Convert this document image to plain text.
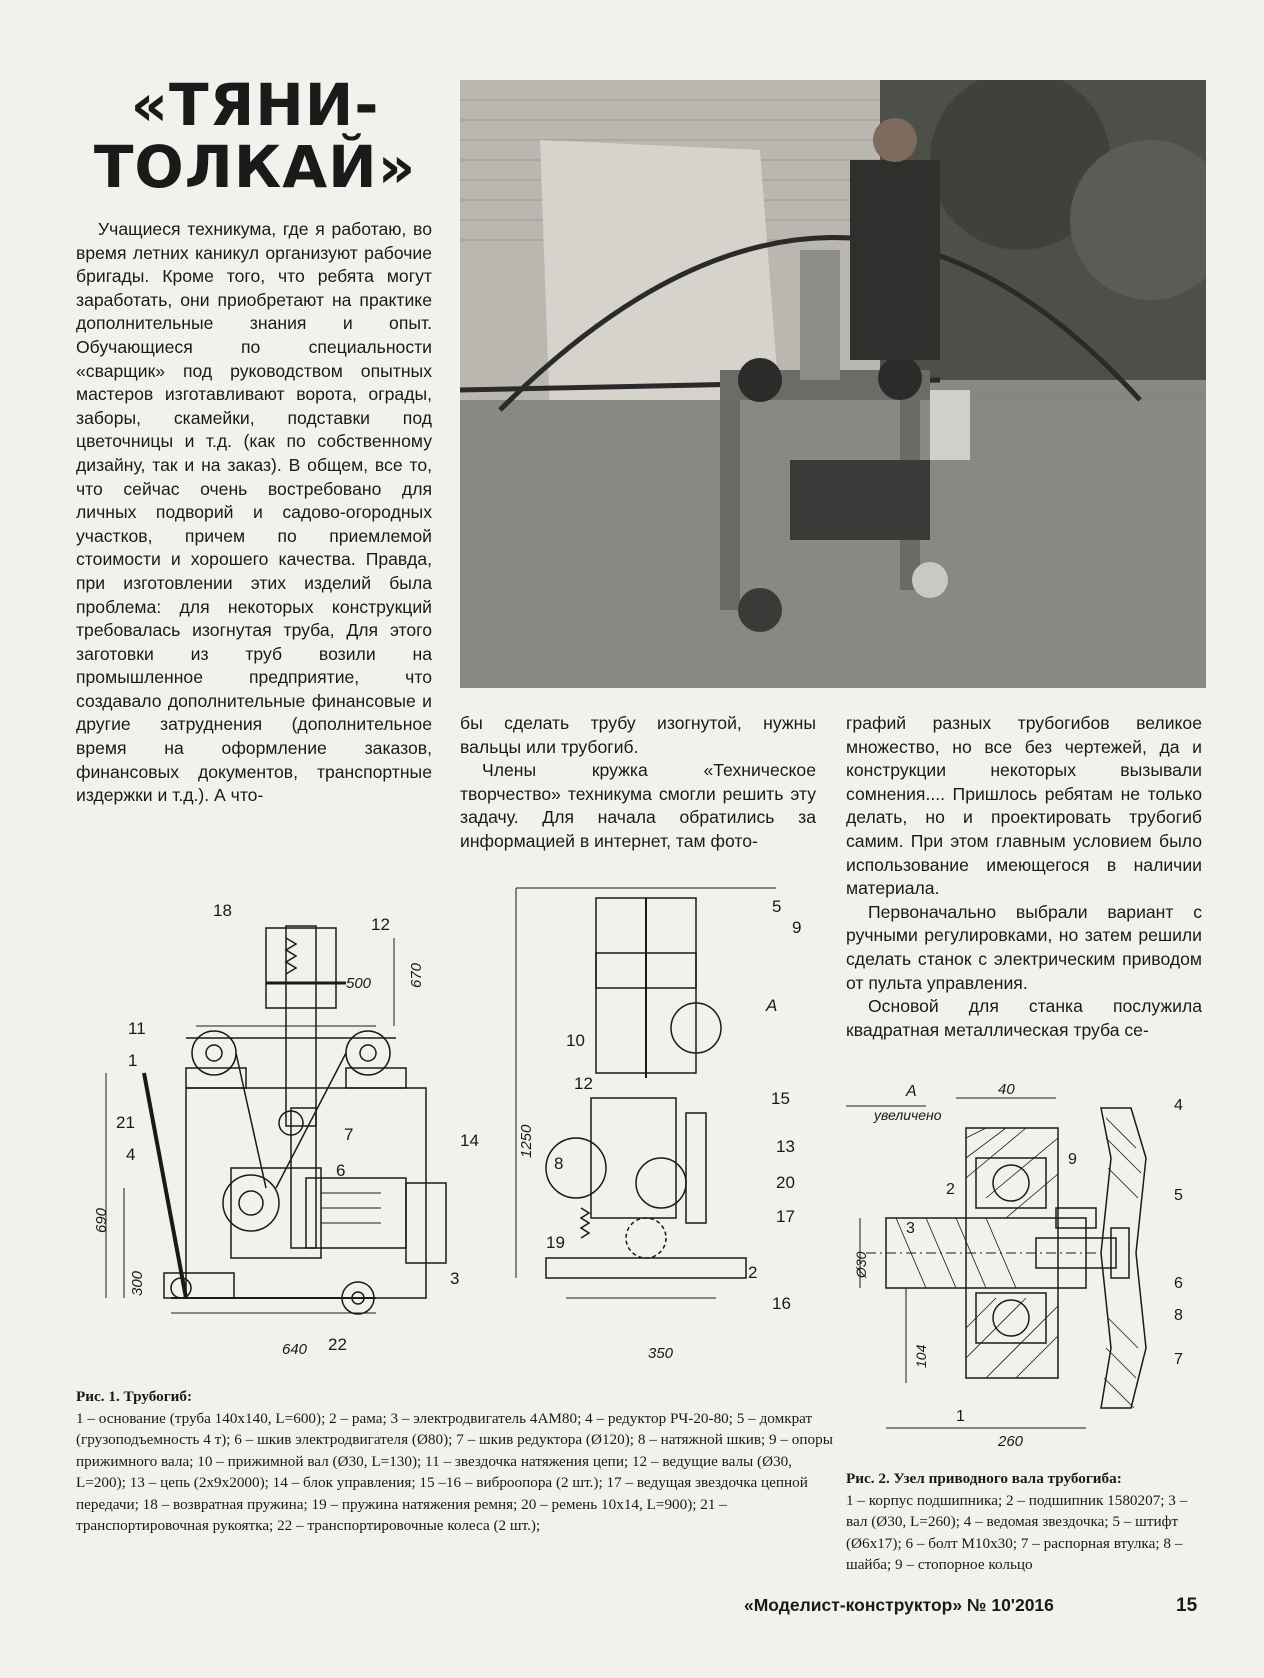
«ТЯНИ-
ТОЛКАЙ»

Учащиеся техникума, где я работаю, во время летних каникул организуют рабочие бригады. Кроме того, что ребята могут заработать, они приобретают на практике дополнительные знания и опыт. Обучающиеся по специальности «сварщик» под руководством опытных мастеров изготавливают ворота, ограды, заборы, скамейки, подставки под цветочницы и т.д. (как по собственному дизайну, так и на заказ). В общем, все то, что сейчас очень востребовано для личных подворий и садово-огородных участков, причем по приемлемой стоимости и хорошего качества. Правда, при изготовлении этих изделий была проблема: для некоторых конструкций требовалась изогнутая труба, Для этого заготовки из труб возили на промышленное предприятие, что создавало дополнительные финансовые и другие затруднения (дополнительное время на оформление заказов, финансовых документов, транспортные издержки и т.д.). А что-

бы сделать трубу изогнутой, нужны вальцы или трубогиб.

Члены кружка «Техническое творчество» техникума смогли решить эту задачу. Для начала обратились за информацией в интернет, там фото-

графий разных трубогибов великое множество, но все без чертежей, да и конструкции некоторых вызывали сомнения.... Пришлось ребятам не только делать, но и проектировать трубогиб самим. При этом главным условием было использование имеющегося в наличии материала.

Первоначально выбрали вариант с ручными регулировками, но затем решили сделать станок с электрическим приводом от пульта управления.

Основой для станка послужила квадратная металлическая труба се-

18
12
11
1
21
4
7
6
14
3
22
5
9
A
10
12
15
8
13
20
17
19
2
16
500 670
690
300
640
1250
350
A
увеличено
40
Ø30
104
260
4
9
2	5
3
6
8
7
1
Рис. 1. Трубогиб:
1 – основание (труба 140х140, L=600); 2 – рама; 3 – электродвигатель 4АМ80; 4 – редуктор РЧ-20-80; 5 – домкрат (грузоподъемность 4 т); 6 – шкив электродвигателя (Ø80); 7 – шкив редуктора (Ø120); 8 – натяжной шкив; 9 – опоры прижимного вала; 10 – прижимной вал (Ø30, L=130); 11 – звездочка натяжения цепи; 12 – ведущие валы (Ø30, L=200); 13 – цепь (2х9х2000); 14 – блок управления; 15 –16 – виброопора (2 шт.); 17 – ведущая звездочка цепной передачи; 18 – возвратная пружина; 19 – пружина натяжения ремня; 20 – ремень 10х14, L=900); 21 – транспортировочная рукоятка; 22 – транспортировочные колеса (2 шт.);
Рис. 2. Узел приводного вала трубогиба:
1 – корпус подшипника; 2 – подшипник 1580207; 3 – вал (Ø30, L=260); 4 – ведомая звездочка; 5 – штифт (Ø6х17); 6 – болт М10х30; 7 – распорная втулка; 8 – шайба; 9 – стопорное кольцо
«Моделист-конструктор» № 10'2016	15
